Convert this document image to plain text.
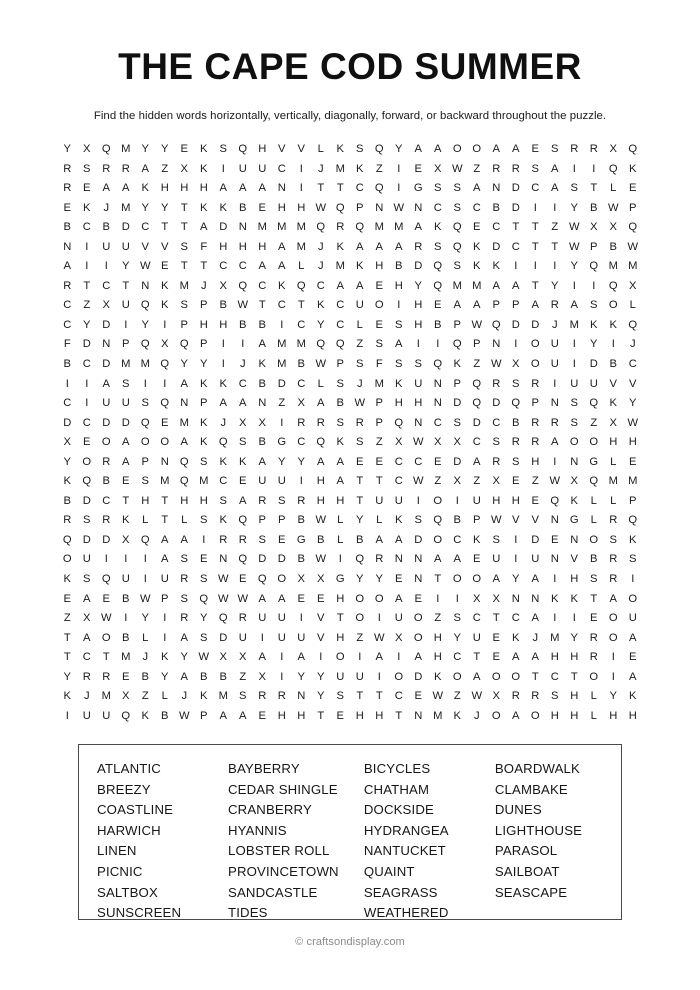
THE CAPE COD SUMMER

Find the hidden words horizontally, vertically, diagonally, forward, or backward throughout the puzzle.

Y	X	Q	M	Y	Y	E	K	S	Q	H	V	V	L	K	S	Q	Y	A	A	O	O	A	A	E	S	R	R	X	Q
R	S	R	R	A	Z	X	K	I	U	U	C	I	J	M	K	Z	I	E	X	W	Z	R	R	S	A	I	I	Q	K
R	E	A	A	K	H	H	H	A	A	A	N	I	T	T	C	Q	I	G	S	S	A	N	D	C	A	S	T	L	E
E	K	J	M	Y	Y	T	K	K	B	E	H	H	W	Q	P	N	W	N	C	S	C	B	D	I	I	Y	B	W	P
B	C	B	D	C	T	T	A	D	N	M	M	M	Q	R	Q	M	M	A	K	Q	E	C	T	T	Z	W	X	X	Q
N	I	U	U	V	V	S	F	H	H	H	A	M	J	K	A	A	A	R	S	Q	K	D	C	T	T	W	P	B	W
A	I	I	Y	W	E	T	T	C	C	A	A	L	J	M	K	H	B	D	Q	S	K	K	I	I	I	Y	Q	M	M
R	T	C	T	N	K	M	J	X	Q	C	K	Q	C	A	A	E	H	Y	Q	M	M	A	A	T	Y	I	I	Q	X
C	Z	X	U	Q	K	S	P	B	W	T	C	T	K	C	U	O	I	H	E	A	A	P	P	A	R	A	S	O	L
C	Y	D	I	Y	I	P	H	H	B	B	I	C	Y	C	L	E	S	H	B	P	W	Q	D	D	J	M	K	K	Q
F	D	N	P	Q	X	Q	P	I	I	A	M	M	Q	Q	Z	S	A	I	I	Q	P	N	I	O	U	I	Y	I	J
B	C	D	M	M	Q	Y	Y	I	J	K	M	B	W	P	S	F	S	S	Q	K	Z	W	X	O	U	I	D	B	C
I	I	A	S	I	I	A	K	K	C	B	D	C	L	S	J	M	K	U	N	P	Q	R	S	R	I	U	U	V	V
C	I	U	U	S	Q	N	P	A	A	N	Z	X	A	B	W	P	H	H	N	D	Q	D	Q	P	N	S	Q	K	Y
D	C	D	D	Q	E	M	K	J	X	X	I	R	R	S	R	P	Q	N	C	S	D	C	B	R	R	S	Z	X	W
X	E	O	A	O	O	A	K	Q	S	B	G	C	Q	K	S	Z	X	W	X	X	C	S	R	R	A	O	O	H	H
Y	O	R	A	P	N	Q	S	K	K	A	Y	Y	A	A	E	E	C	C	E	D	A	R	S	H	I	N	G	L	E
K	Q	B	E	S	M	Q	M	C	E	U	U	I	H	A	T	T	C	W	Z	X	Z	X	E	Z	W	X	Q	M	M
B	D	C	T	H	T	H	H	S	A	R	S	R	H	H	T	U	U	I	O	I	U	H	H	E	Q	K	L	L	P
R	S	R	K	L	T	L	S	K	Q	P	P	B	W	L	Y	L	K	S	Q	B	P	W	V	V	N	G	L	R	Q
Q	D	D	X	Q	A	A	I	R	R	S	E	G	B	L	B	A	A	D	O	C	K	S	I	D	E	N	O	S	K
O	U	I	I	I	A	S	E	N	Q	D	D	B	W	I	Q	R	N	N	A	A	E	U	I	U	N	V	B	R	S
K	S	Q	U	I	U	R	S	W	E	Q	O	X	X	G	Y	Y	E	N	T	O	O	A	Y	A	I	H	S	R	I
E	A	E	B	W	P	S	Q	W	W	A	A	E	E	H	O	O	A	E	I	I	X	X	N	N	K	K	T	A	O
Z	X	W	I	Y	I	R	Y	Q	R	U	U	I	V	T	O	I	U	O	Z	S	C	T	C	A	I	I	E	O	U
T	A	O	B	L	I	A	S	D	U	I	U	U	V	H	Z	W	X	O	H	Y	U	E	K	J	M	Y	R	O	A
T	C	T	M	J	K	Y	W	X	X	A	I	A	I	O	I	A	I	A	H	C	T	E	A	A	H	H	R	I	E
Y	R	R	E	B	Y	A	B	B	Z	X	I	Y	Y	U	U	I	O	D	K	O	A	O	O	T	C	T	O	I	A
K	J	M	X	Z	L	J	K	M	S	R	R	N	Y	S	T	T	C	E	W	Z	W	X	R	R	S	H	L	Y	K
I	U	U	Q	K	B	W	P	A	A	E	H	H	T	E	H	H	T	N	M	K	J	O	A	O	H	H	L	H	H
ATLANTIC
BREEZY
COASTLINE
HARWICH
LINEN
PICNIC
SALTBOX
SUNSCREEN
BAYBERRY
CEDAR SHINGLE
CRANBERRY
HYANNIS
LOBSTER ROLL
PROVINCETOWN
SANDCASTLE
TIDES
BICYCLES
CHATHAM
DOCKSIDE
HYDRANGEA
NANTUCKET
QUAINT
SEAGRASS
WEATHERED
BOARDWALK
CLAMBAKE
DUNES
LIGHTHOUSE
PARASOL
SAILBOAT
SEASCAPE
© craftsondisplay.com
